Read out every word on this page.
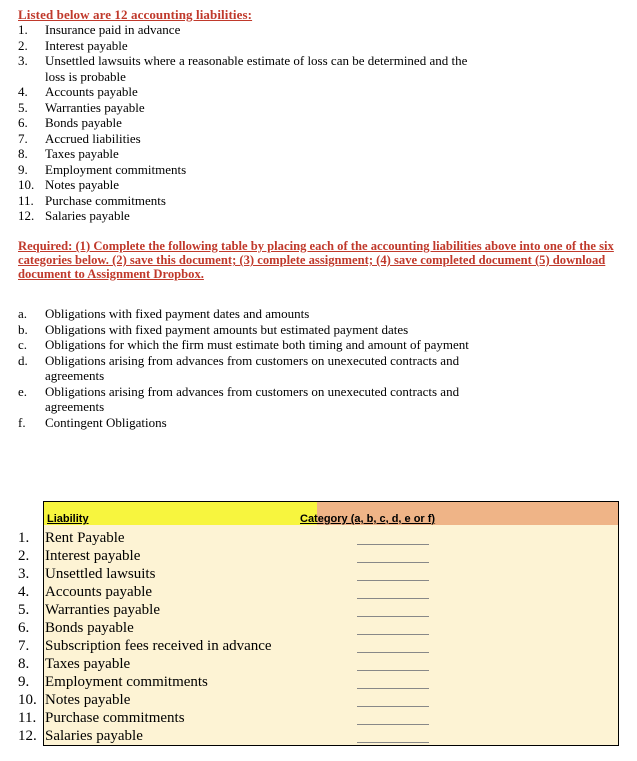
Listed below are 12 accounting liabilities:
1.	Insurance paid in advance
2.	Interest payable
3.	Unsettled lawsuits where a reasonable estimate of loss can be determined and the loss is probable
4.	Accounts payable
5.	Warranties payable
6.	Bonds payable
7.	Accrued liabilities
8.	Taxes payable
9.	Employment commitments
10. Notes payable
11. Purchase commitments
12. Salaries payable
Required: (1) Complete the following table by placing each of the accounting liabilities above into one of the six categories below. (2) save this document; (3) complete assignment; (4) save completed document (5) download document to Assignment Dropbox.
a.	Obligations with fixed payment dates and amounts
b.	Obligations with fixed payment amounts but estimated payment dates
c.	Obligations for which the firm must estimate both timing and amount of payment
d.	Obligations arising from advances from customers on unexecuted contracts and agreements
e.	Obligations arising from advances from customers on unexecuted contracts and agreements
f.	Contingent Obligations
Liability	Category (a, b, c, d, e or f)
1.	Rent Payable
2.	Interest payable
3.	Unsettled lawsuits
4.	Accounts payable
5.	Warranties payable
6.	Bonds payable
7.	Subscription fees received in advance
8.	Taxes payable
9.	Employment commitments
10. Notes payable
11. Purchase commitments
12. Salaries payable
